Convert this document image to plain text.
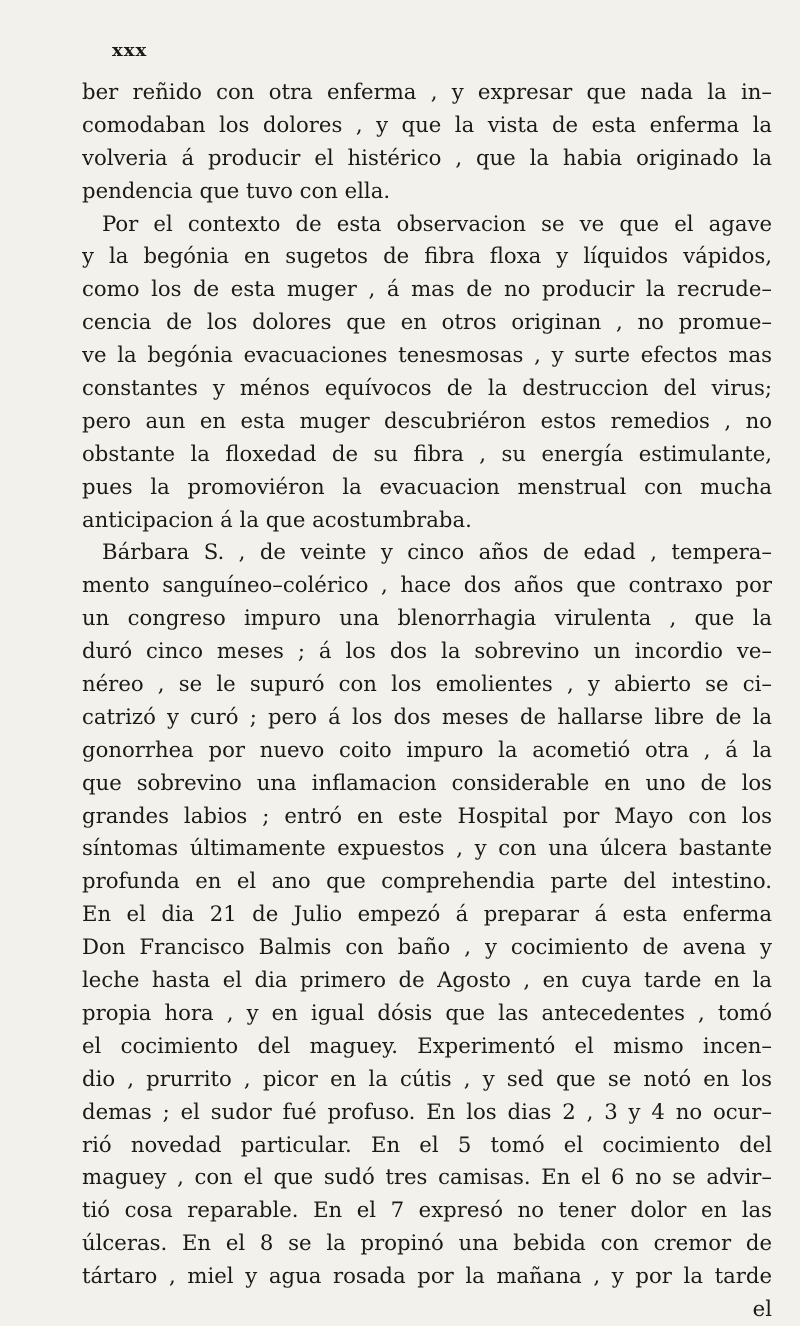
xxx
ber reñido con otra enferma , y expresar que nada la in–
comodaban los dolores , y que la vista de esta enferma la
volveria á producir el histérico , que la habia originado la
pendencia que tuvo con ella.
Por el contexto de esta observacion se ve que el agave
y la begónia en sugetos de fibra floxa y líquidos vápidos,
como los de esta muger , á mas de no producir la recrude–
cencia de los dolores que en otros originan , no promue–
ve la begónia evacuaciones tenesmosas , y surte efectos mas
constantes y ménos equívocos de la destruccion del virus;
pero aun en esta muger descubriéron estos remedios , no
obstante la floxedad de su fibra , su energía estimulante,
pues la promoviéron la evacuacion menstrual con mucha
anticipacion á la que acostumbraba.
Bárbara S. , de veinte y cinco años de edad , tempera–
mento sanguíneo–colérico , hace dos años que contraxo por
un congreso impuro una blenorrhagia virulenta , que la
duró cinco meses ; á los dos la sobrevino un incordio ve–
néreo , se le supuró con los emolientes , y abierto se ci–
catrizó y curó ; pero á los dos meses de hallarse libre de la
gonorrhea por nuevo coito impuro la acometió otra , á la
que sobrevino una inflamacion considerable en uno de los
grandes labios ; entró en este Hospital por Mayo con los
síntomas últimamente expuestos , y con una úlcera bastante
profunda en el ano que comprehendia parte del intestino.
En el dia 21 de Julio empezó á preparar á esta enferma
Don Francisco Balmis con baño , y cocimiento de avena y
leche hasta el dia primero de Agosto , en cuya tarde en la
propia hora , y en igual dósis que las antecedentes , tomó
el cocimiento del maguey. Experimentó el mismo incen–
dio , prurrito , picor en la cútis , y sed que se notó en los
demas ; el sudor fué profuso. En los dias 2 , 3 y 4 no ocur–
rió novedad particular. En el 5 tomó el cocimiento del
maguey , con el que sudó tres camisas. En el 6 no se advir–
tió cosa reparable. En el 7 expresó no tener dolor en las
úlceras. En el 8 se la propinó una bebida con cremor de
tártaro , miel y agua rosada por la mañana , y por la tarde
el
